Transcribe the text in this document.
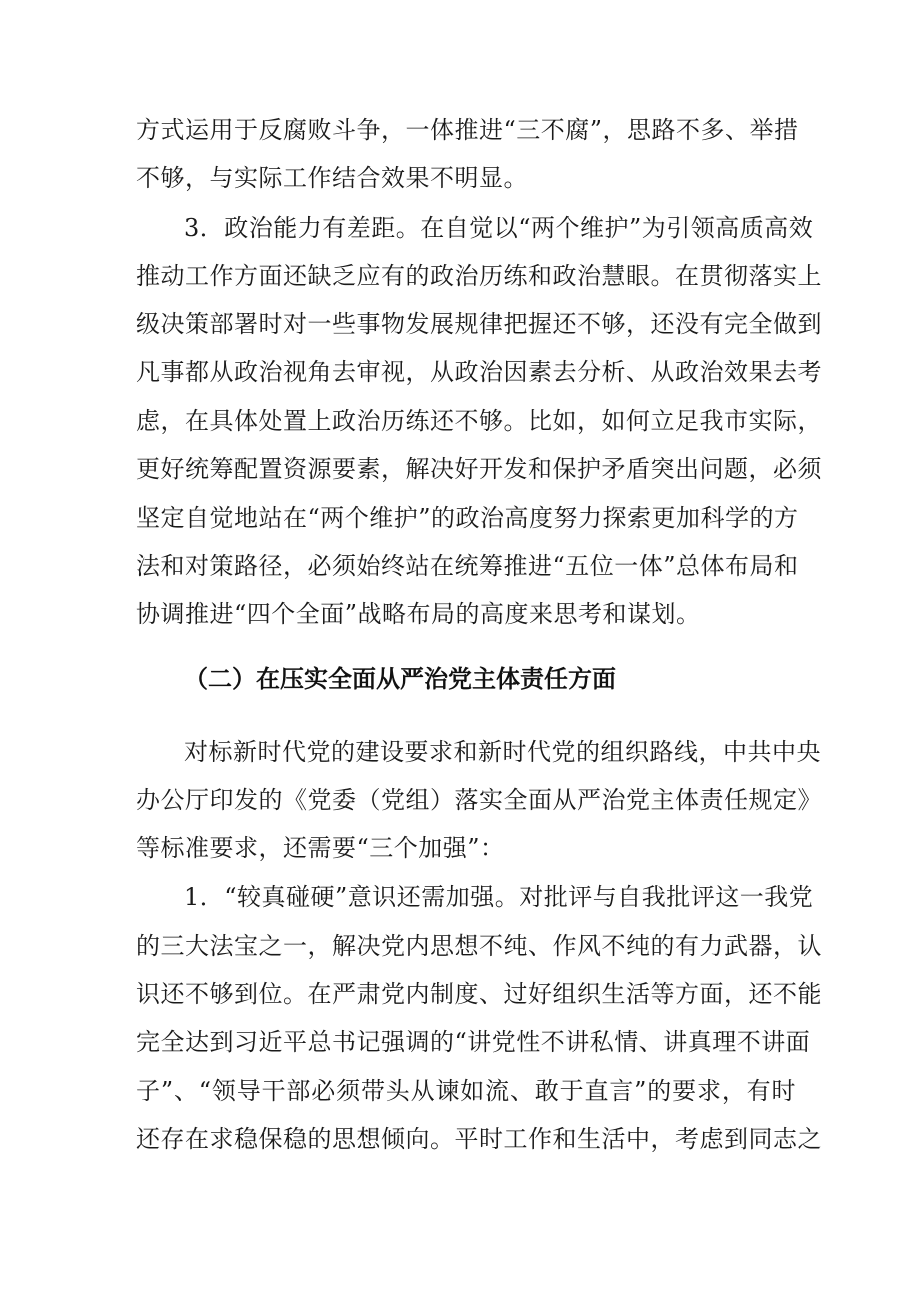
方式运用于反腐败斗争，一体推进“三不腐”，思路不多、举措
不够，与实际工作结合效果不明显。
3．政治能力有差距。在自觉以“两个维护”为引领高质高效
推动工作方面还缺乏应有的政治历练和政治慧眼。在贯彻落实上
级决策部署时对一些事物发展规律把握还不够，还没有完全做到
凡事都从政治视角去审视，从政治因素去分析、从政治效果去考
虑，在具体处置上政治历练还不够。比如，如何立足我市实际，
更好统筹配置资源要素，解决好开发和保护矛盾突出问题，必须
坚定自觉地站在“两个维护”的政治高度努力探索更加科学的方
法和对策路径，必须始终站在统筹推进“五位一体”总体布局和
协调推进“四个全面”战略布局的高度来思考和谋划。
（二）在压实全面从严治党主体责任方面
对标新时代党的建设要求和新时代党的组织路线，中共中央
办公厅印发的《党委（党组）落实全面从严治党主体责任规定》
等标准要求，还需要“三个加强”：
1．“较真碰硬”意识还需加强。对批评与自我批评这一我党
的三大法宝之一，解决党内思想不纯、作风不纯的有力武器，认
识还不够到位。在严肃党内制度、过好组织生活等方面，还不能
完全达到习近平总书记强调的“讲党性不讲私情、讲真理不讲面
子”、“领导干部必须带头从谏如流、敢于直言”的要求，有时
还存在求稳保稳的思想倾向。平时工作和生活中，考虑到同志之
